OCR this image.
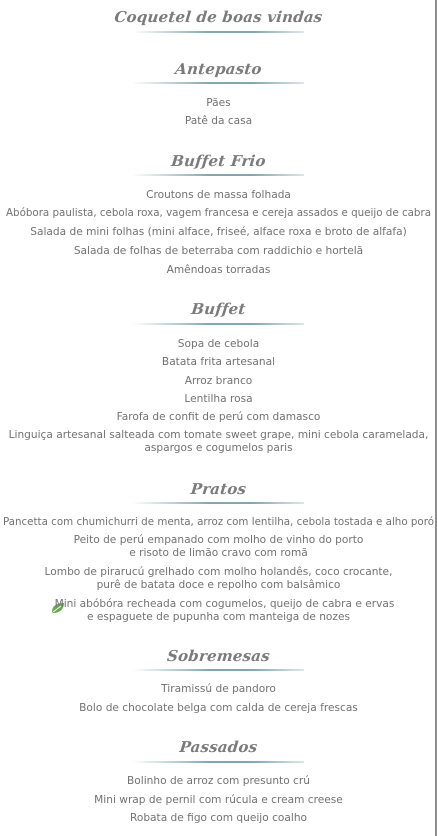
Coquetel de boas vindas
Antepasto
Pães
Patê da casa
Buffet Frio
Croutons de massa folhada
Abóbora paulista, cebola roxa, vagem francesa e cereja assados e queijo de cabra
Salada de mini folhas (mini alface, friseé, alface roxa e broto de alfafa)
Salada de folhas de beterraba com raddichio e hortelã
Amêndoas torradas
Buffet
Sopa de cebola
Batata frita artesanal
Arroz branco
Lentilha rosa
Farofa de confit de perú com damasco
Linguiça artesanal salteada com tomate sweet grape, mini cebola caramelada,
aspargos e cogumelos paris
Pratos
Pancetta com chumichurri de menta, arroz com lentilha, cebola tostada e alho poró
Peito de perú empanado com molho de vinho do porto
e risoto de limão cravo com romã
Lombo de pirarucú grelhado com molho holandês, coco crocante,
purê de batata doce e repolho com balsâmico
Mini abóbóra recheada com cogumelos, queijo de cabra e ervas
e espaguete de pupunha com manteiga de nozes
Sobremesas
Tiramissú de pandoro
Bolo de chocolate belga com calda de cereja frescas
Passados
Bolinho de arroz com presunto crú
Mini wrap de pernil com rúcula e cream creese
Robata de figo com queijo coalho
